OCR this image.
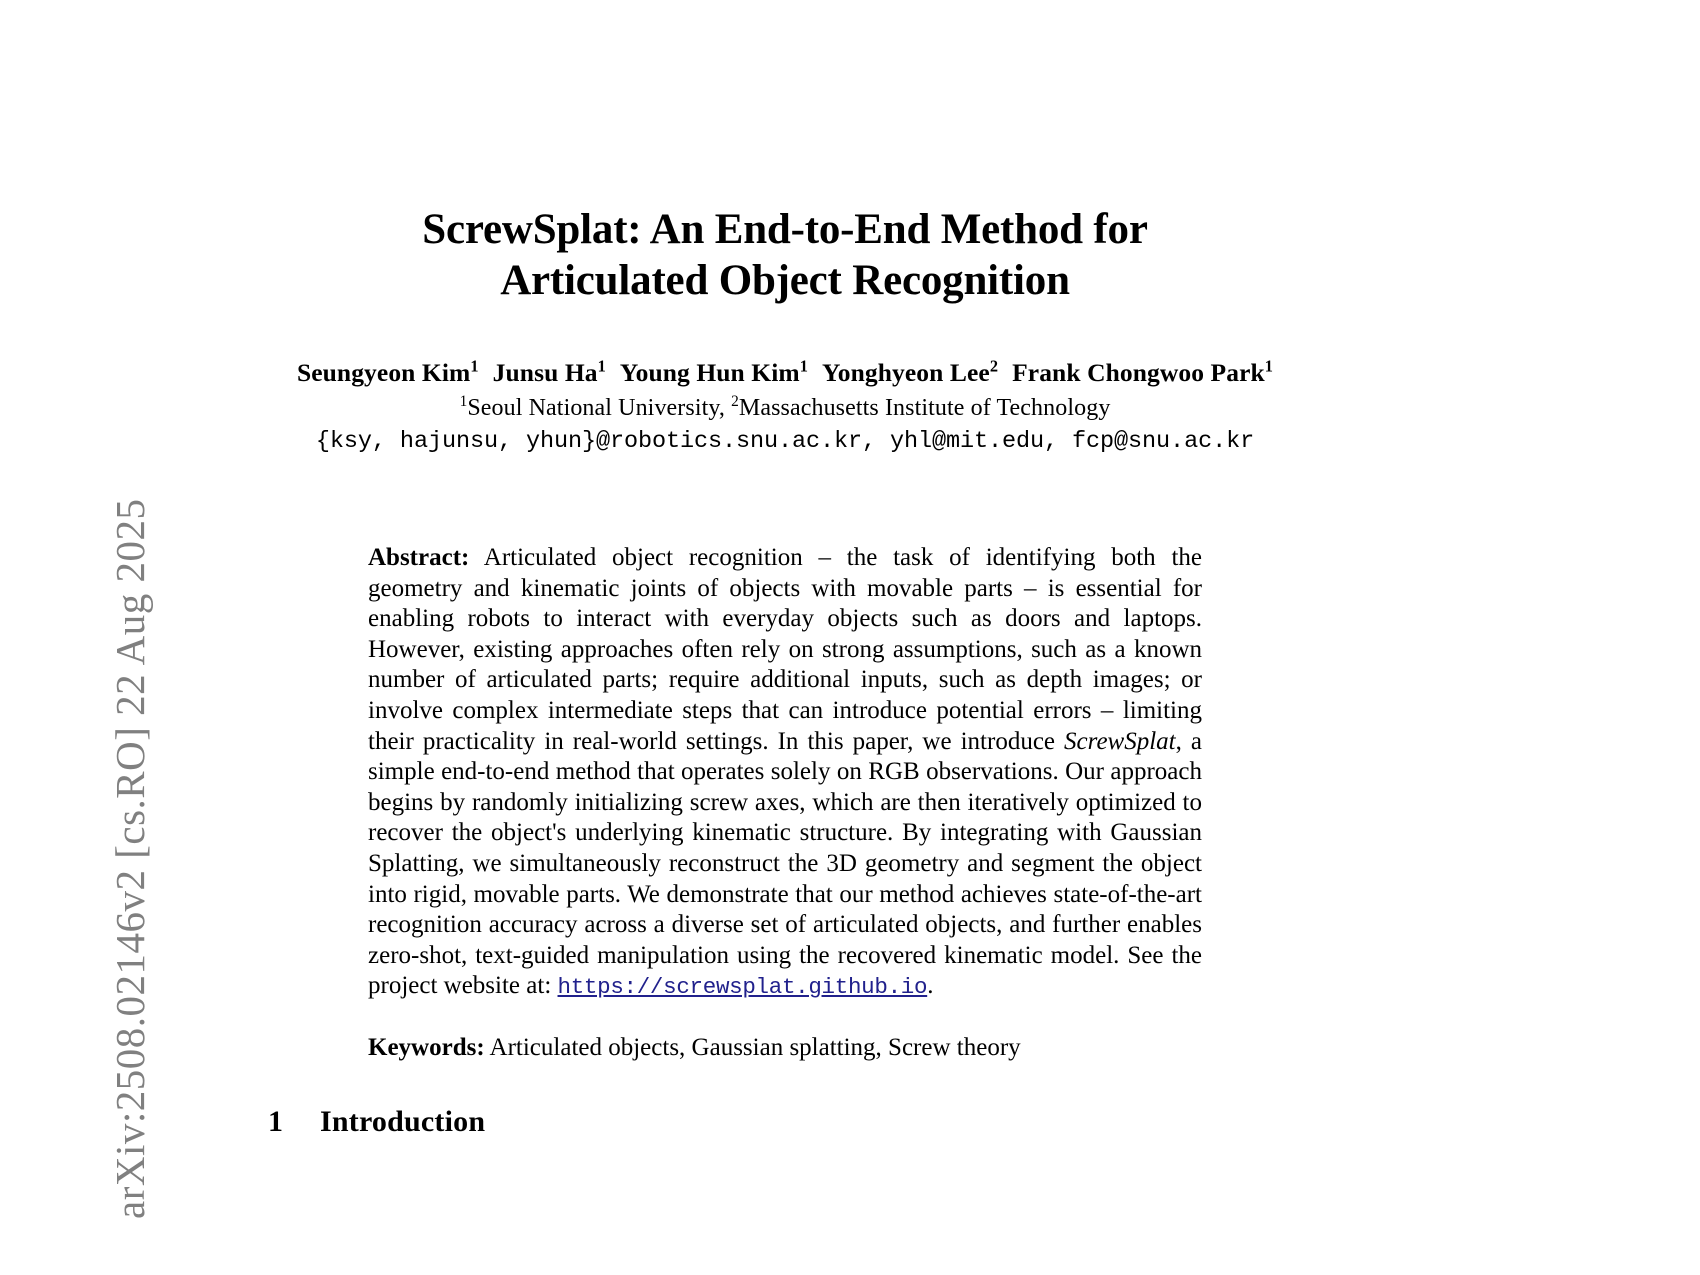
arXiv:2508.02146v2 [cs.RO] 22 Aug 2025
ScrewSplat: An End-to-End Method for
Articulated Object Recognition
Seungyeon Kim$^1$ Junsu Ha$^1$ Young Hun Kim$^1$ Yonghyeon Lee$^2$ Frank Chongwoo Park$^1$
$^1$Seoul National University, $^2$Massachusetts Institute of Technology
{ksy, hajunsu, yhun}@robotics.snu.ac.kr, yhl@mit.edu, fcp@snu.ac.kr
Abstract: Articulated object recognition – the task of identifying both the geometry and kinematic joints of objects with movable parts – is essential for enabling robots to interact with everyday objects such as doors and laptops. However, existing approaches often rely on strong assumptions, such as a known number of articulated parts; require additional inputs, such as depth images; or involve complex intermediate steps that can introduce potential errors – limiting their practicality in real-world settings. In this paper, we introduce ScrewSplat, a simple end-to-end method that operates solely on RGB observations. Our approach begins by randomly initializing screw axes, which are then iteratively optimized to recover the object's underlying kinematic structure. By integrating with Gaussian Splatting, we simultaneously reconstruct the 3D geometry and segment the object into rigid, movable parts. We demonstrate that our method achieves state-of-the-art recognition accuracy across a diverse set of articulated objects, and further enables zero-shot, text-guided manipulation using the recovered kinematic model. See the project website at: https://screwsplat.github.io.
Keywords: Articulated objects, Gaussian splatting, Screw theory
1 Introduction
